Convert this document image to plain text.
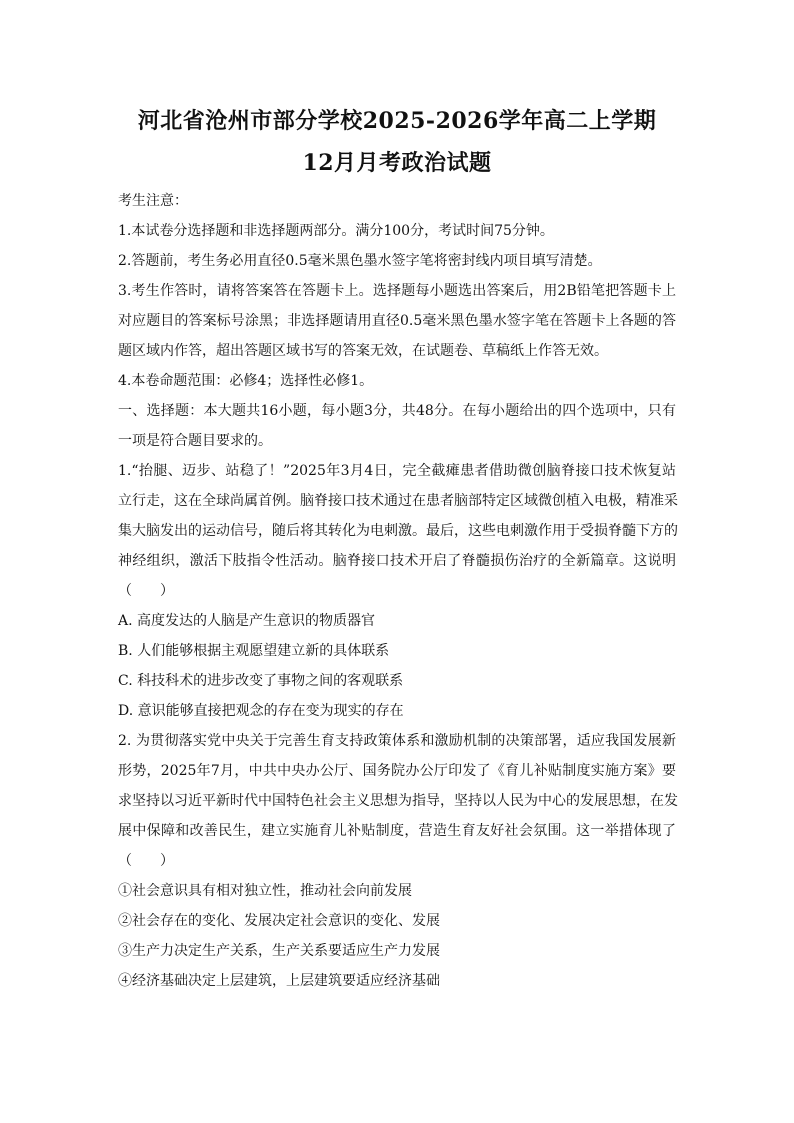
河北省沧州市部分学校2025-2026学年高二上学期
12月月考政治试题
考生注意：
1.本试卷分选择题和非选择题两部分。满分100分，考试时间75分钟。
2.答题前，考生务必用直径0.5毫米黑色墨水签字笔将密封线内项目填写清楚。
3.考生作答时，请将答案答在答题卡上。选择题每小题选出答案后，用2B铅笔把答题卡上
对应题目的答案标号涂黑；非选择题请用直径0.5毫米黑色墨水签字笔在答题卡上各题的答
题区域内作答，超出答题区域书写的答案无效，在试题卷、草稿纸上作答无效。
4.本卷命题范围：必修4；选择性必修1。
一、选择题：本大题共16小题，每小题3分，共48分。在每小题给出的四个选项中，只有
一项是符合题目要求的。
1.“抬腿、迈步、站稳了！”2025年3月4日，完全截瘫患者借助微创脑脊接口技术恢复站
立行走，这在全球尚属首例。脑脊接口技术通过在患者脑部特定区域微创植入电极，精准采
集大脑发出的运动信号，随后将其转化为电刺激。最后，这些电刺激作用于受损脊髓下方的
神经组织，激活下肢指令性活动。脑脊接口技术开启了脊髓损伤治疗的全新篇章。这说明
（　　）
A. 高度发达的人脑是产生意识的物质器官
B. 人们能够根据主观愿望建立新的具体联系
C. 科技科术的进步改变了事物之间的客观联系
D. 意识能够直接把观念的存在变为现实的存在
2. 为贯彻落实党中央关于完善生育支持政策体系和激励机制的决策部署，适应我国发展新
形势，2025年7月，中共中央办公厅、国务院办公厅印发了《育儿补贴制度实施方案》要
求坚持以习近平新时代中国特色社会主义思想为指导，坚持以人民为中心的发展思想，在发
展中保障和改善民生，建立实施育儿补贴制度，营造生育友好社会氛围。这一举措体现了
（　　）
①社会意识具有相对独立性，推动社会向前发展
②社会存在的变化、发展决定社会意识的变化、发展
③生产力决定生产关系，生产关系要适应生产力发展
④经济基础决定上层建筑，上层建筑要适应经济基础
